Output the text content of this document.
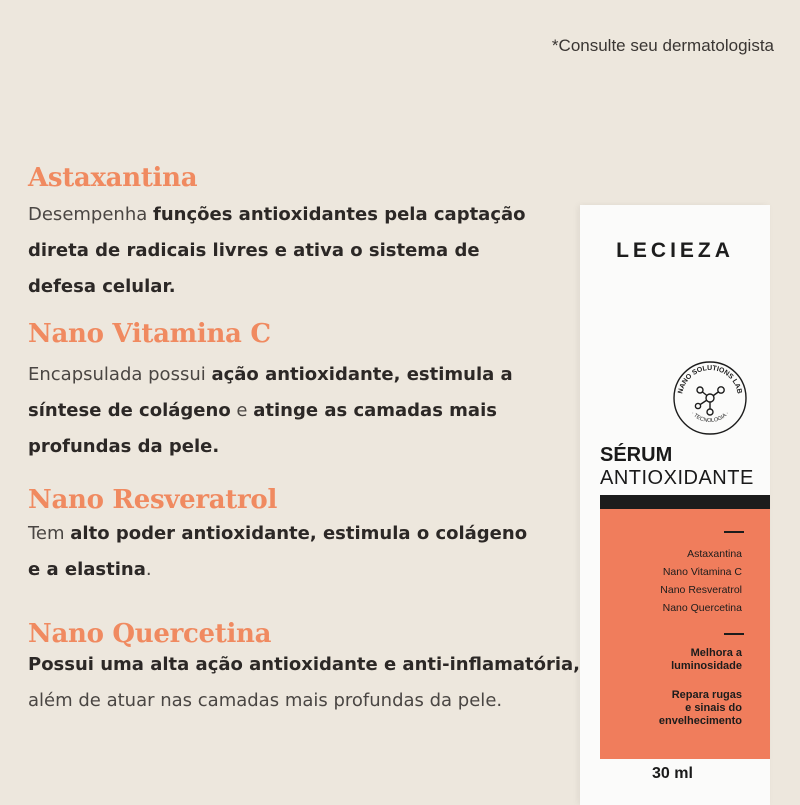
*Consulte seu dermatologista
Astaxantina
Desempenha funções antioxidantes pela captação
direta de radicais livres e ativa o sistema de
defesa celular.
Nano Vitamina C
Encapsulada possui ação antioxidante, estimula a
síntese de colágeno e atinge as camadas mais
profundas da pele.
Nano Resveratrol
Tem alto poder antioxidante, estimula o colágeno
e a elastina.
Nano Quercetina
Possui uma alta ação antioxidante e anti-inflamatória,
além de atuar nas camadas mais profundas da pele.
LECIEZA
NANO SOLUTIONS LAB
· TECNOLOGIA ·
SÉRUM
ANTIOXIDANTE
Astaxantina
Nano Vitamina C
Nano Resveratrol
Nano Quercetina
Melhora a
luminosidade
Repara rugas
e sinais do
envelhecimento
30 ml
